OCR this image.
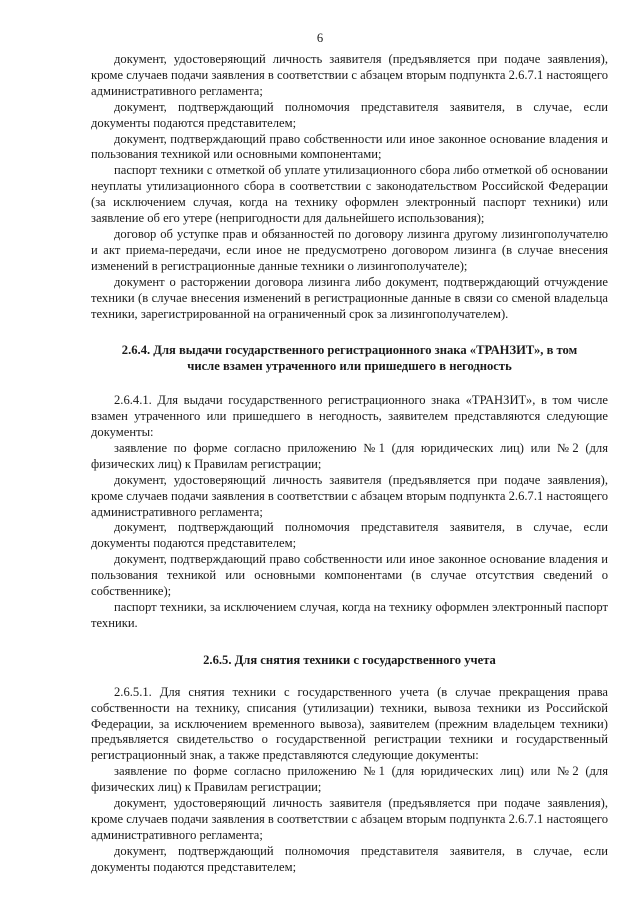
6

документ, удостоверяющий личность заявителя (предъявляется при подаче заявления), кроме случаев подачи заявления в соответствии с абзацем вторым подпункта 2.6.7.1 настоящего административного регламента;

документ, подтверждающий полномочия представителя заявителя, в случае, если документы подаются представителем;

документ, подтверждающий право собственности или иное законное основание владения и пользования техникой или основными компонентами;

паспорт техники с отметкой об уплате утилизационного сбора либо отметкой об основании неуплаты утилизационного сбора в соответствии с законодательством Российской Федерации (за исключением случая, когда на технику оформлен электронный паспорт техники) или заявление об его утере (непригодности для дальнейшего использования);

договор об уступке прав и обязанностей по договору лизинга другому лизингополучателю и акт приема-передачи, если иное не предусмотрено договором лизинга (в случае внесения изменений в регистрационные данные техники о лизингополучателе);

документ о расторжении договора лизинга либо документ, подтверждающий отчуждение техники (в случае внесения изменений в регистрационные данные в связи со сменой владельца техники, зарегистрированной на ограниченный срок за лизингополучателем).

2.6.4. Для выдачи государственного регистрационного знака «ТРАНЗИТ», в том

числе взамен утраченного или пришедшего в негодность

2.6.4.1. Для выдачи государственного регистрационного знака «ТРАНЗИТ», в том числе взамен утраченного или пришедшего в негодность, заявителем представляются следующие документы:

заявление по форме согласно приложению №1 (для юридических лиц) или №2 (для физических лиц) к Правилам регистрации;

документ, удостоверяющий личность заявителя (предъявляется при подаче заявления), кроме случаев подачи заявления в соответствии с абзацем вторым подпункта 2.6.7.1 настоящего административного регламента;

документ, подтверждающий полномочия представителя заявителя, в случае, если документы подаются представителем;

документ, подтверждающий право собственности или иное законное основание владения и пользования техникой или основными компонентами (в случае отсутствия сведений о собственнике);

паспорт техники, за исключением случая, когда на технику оформлен электронный паспорт техники.

2.6.5. Для снятия техники с государственного учета

2.6.5.1. Для снятия техники с государственного учета (в случае прекращения права собственности на технику, списания (утилизации) техники, вывоза техники из Российской Федерации, за исключением временного вывоза), заявителем (прежним владельцем техники) предъявляется свидетельство о государственной регистрации техники и государственный регистрационный знак, а также представляются следующие документы:

заявление по форме согласно приложению №1 (для юридических лиц) или №2 (для физических лиц) к Правилам регистрации;

документ, удостоверяющий личность заявителя (предъявляется при подаче заявления), кроме случаев подачи заявления в соответствии с абзацем вторым подпункта 2.6.7.1 настоящего административного регламента;

документ, подтверждающий полномочия представителя заявителя, в случае, если документы подаются представителем;
